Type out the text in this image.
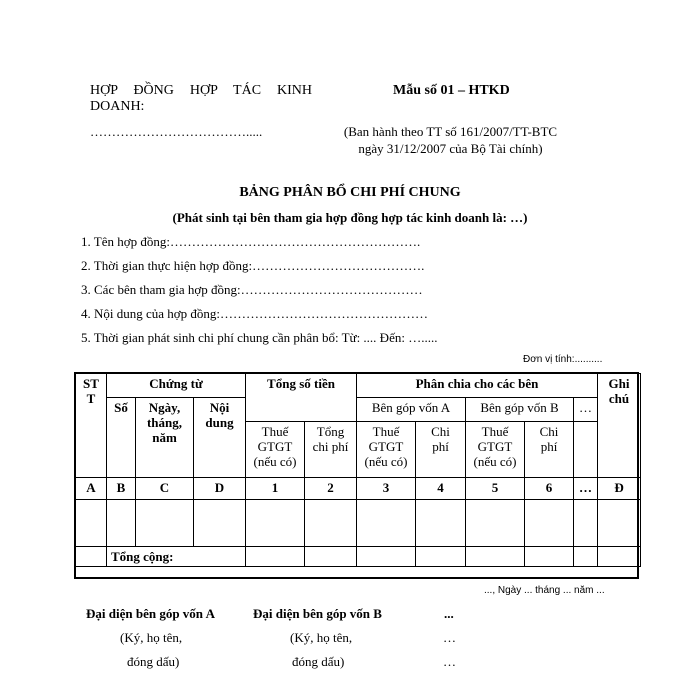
HỢP ĐỒNG HỢP TÁC KINH
DOANH:
……………………………….....
Mẫu số 01 – HTKD
(Ban hành theo TT số 161/2007/TT-BTC
ngày 31/12/2007 của Bộ Tài chính)
BẢNG PHÂN BỔ CHI PHÍ CHUNG
(Phát sinh tại bên tham gia hợp đồng hợp tác kinh doanh là: …)
1. Tên hợp đồng:………………………………………………….
2. Thời gian thực hiện hợp đồng:………………………………….
3. Các bên tham gia hợp đồng:……………………………………
4. Nội dung của hợp đồng:…………………………………………
5. Thời gian phát sinh chi phí chung cần phân bổ: Từ: .... Đến: ….....
Đơn vị tính:..........
STT	Chứng từ			Tổng số tiền		Phân chia cho các bên					Ghi chú

	Số	Ngày, tháng, năm	Nội dung			Bên góp vốn A		Bên góp vốn B		…	

				Thuế GTGT (nếu có)	Tổng chi phí	Thuế GTGT (nếu có)	Chi phí	Thuế GTGT (nếu có)	Chi phí		

A	B	C	D	1	2	3	4	5	6	…	Đ

	Tổng cộng:										
..., Ngày ... tháng ... năm ...
Đại diện bên góp vốn A	Đại diện bên góp vốn B	...
(Ký, họ tên,	(Ký, họ tên,	…
đóng dấu)	đóng dấu)	…
